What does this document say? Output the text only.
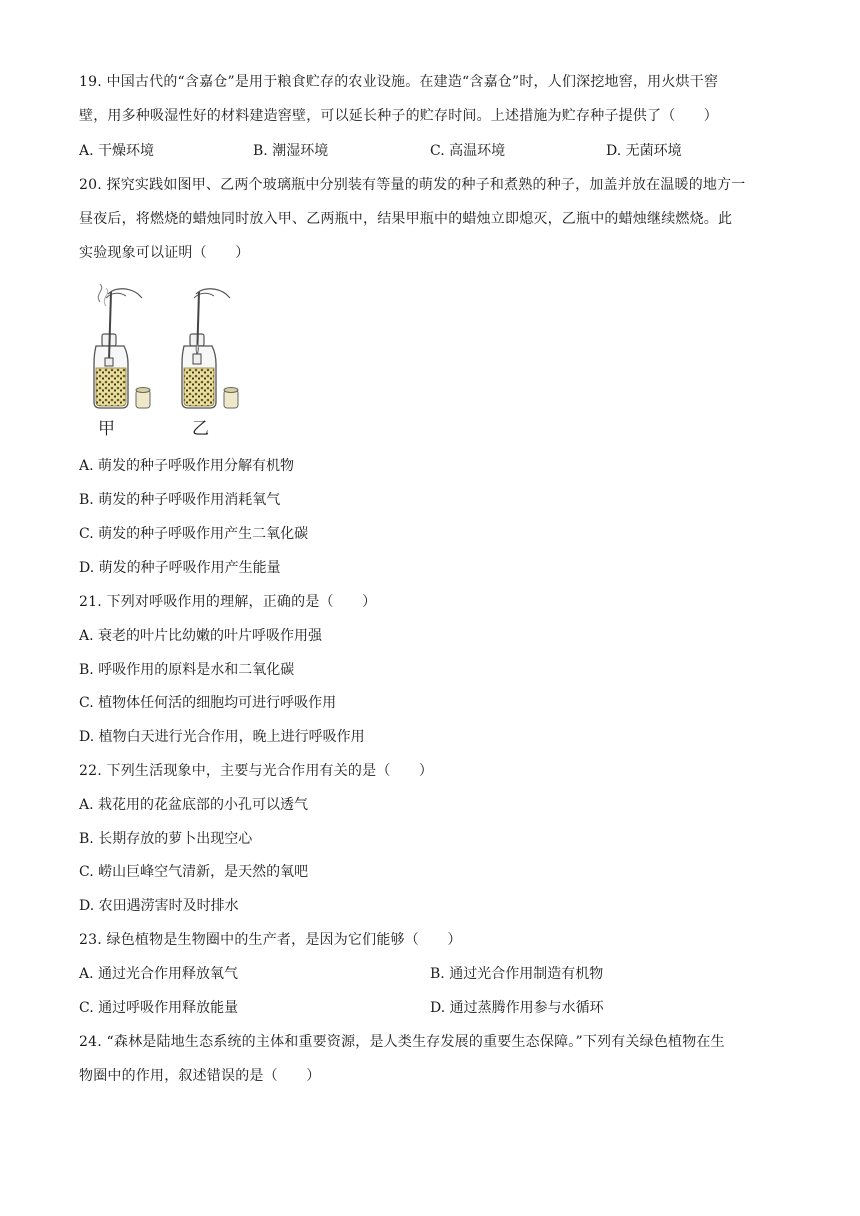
19. 中国古代的“含嘉仓”是用于粮食贮存的农业设施。在建造“含嘉仓”时，人们深挖地窖，用火烘干窖
壁，用多种吸湿性好的材料建造窖壁，可以延长种子的贮存时间。上述措施为贮存种子提供了（　　）
A. 干燥环境	B. 潮湿环境	C. 高温环境	D. 无菌环境
20. 探究实践如图甲、乙两个玻璃瓶中分别装有等量的萌发的种子和煮熟的种子，加盖并放在温暖的地方一
昼夜后，将燃烧的蜡烛同时放入甲、乙两瓶中，结果甲瓶中的蜡烛立即熄灭，乙瓶中的蜡烛继续燃烧。此
实验现象可以证明（　　）
甲	乙
A. 萌发的种子呼吸作用分解有机物
B. 萌发的种子呼吸作用消耗氧气
C. 萌发的种子呼吸作用产生二氧化碳
D. 萌发的种子呼吸作用产生能量
21. 下列对呼吸作用的理解，正确的是（　　）
A. 衰老的叶片比幼嫩的叶片呼吸作用强
B. 呼吸作用的原料是水和二氧化碳
C. 植物体任何活的细胞均可进行呼吸作用
D. 植物白天进行光合作用，晚上进行呼吸作用
22. 下列生活现象中，主要与光合作用有关的是（　　）
A. 栽花用的花盆底部的小孔可以透气
B. 长期存放的萝卜出现空心
C. 崂山巨峰空气清新，是天然的氧吧
D. 农田遇涝害时及时排水
23. 绿色植物是生物圈中的生产者，是因为它们能够（　　）
A. 通过光合作用释放氧气	B. 通过光合作用制造有机物
C. 通过呼吸作用释放能量	D. 通过蒸腾作用参与水循环
24. “森林是陆地生态系统的主体和重要资源，是人类生存发展的重要生态保障。”下列有关绿色植物在生
物圈中的作用，叙述错误的是（　　）
